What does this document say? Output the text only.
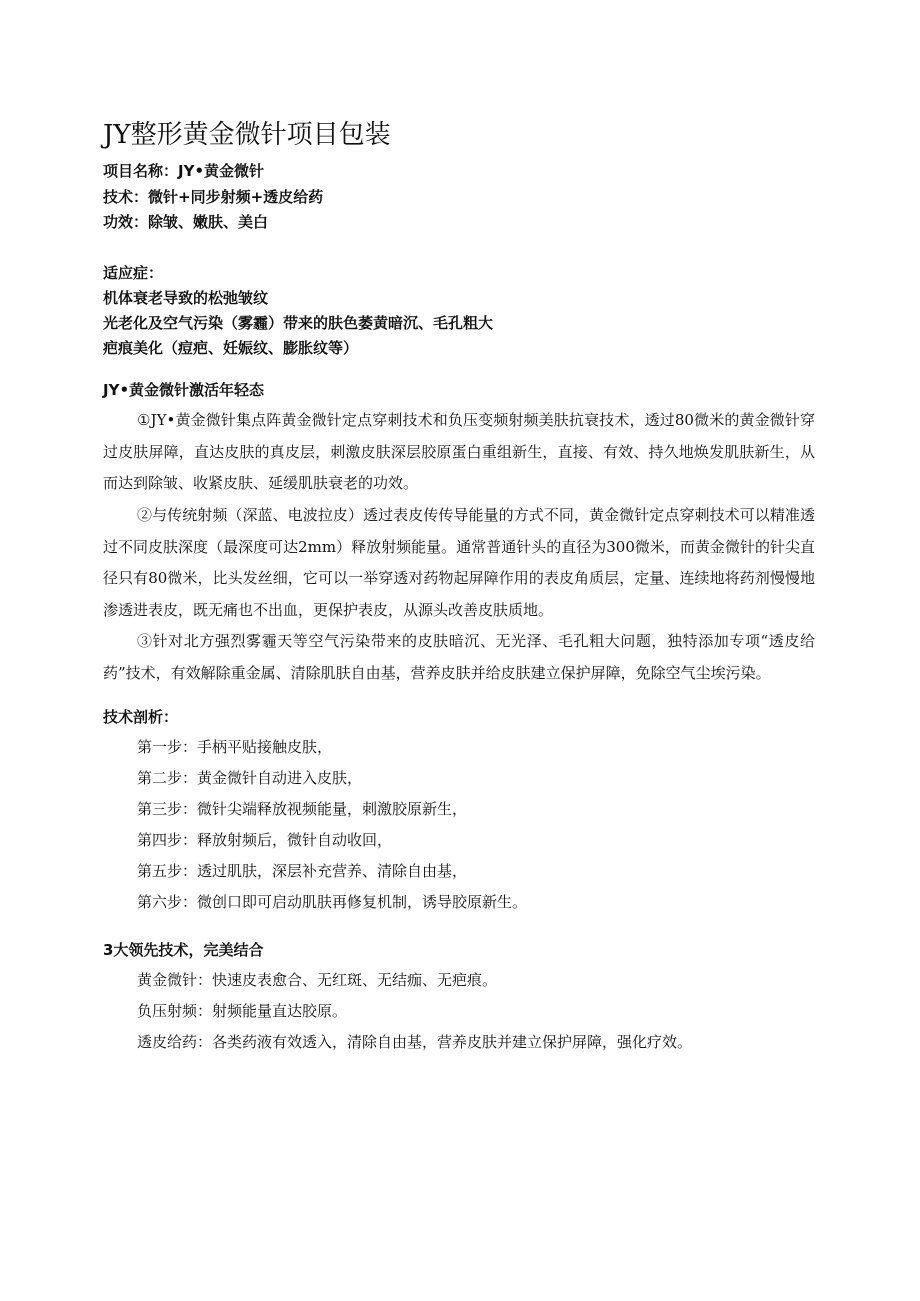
JY整形黄金微针项目包装
项目名称：JY•黄金微针
技术：微针+同步射频+透皮给药
功效：除皱、嫩肤、美白
适应症：
机体衰老导致的松弛皱纹
光老化及空气污染（雾霾）带来的肤色萎黄暗沉、毛孔粗大
疤痕美化（痘疤、妊娠纹、膨胀纹等）
JY•黄金微针激活年轻态

①JY•黄金微针集点阵黄金微针定点穿刺技术和负压变频射频美肤抗衰技术，透过80微米的黄金微针穿过皮肤屏障，直达皮肤的真皮层，刺激皮肤深层胶原蛋白重组新生，直接、有效、持久地焕发肌肤新生，从而达到除皱、收紧皮肤、延缓肌肤衰老的功效。

②与传统射频（深蓝、电波拉皮）透过表皮传传导能量的方式不同，黄金微针定点穿刺技术可以精准透过不同皮肤深度（最深度可达2mm）释放射频能量。通常普通针头的直径为300微米，而黄金微针的针尖直径只有80微米，比头发丝细，它可以一举穿透对药物起屏障作用的表皮角质层，定量、连续地将药剂慢慢地渗透进表皮，既无痛也不出血，更保护表皮，从源头改善皮肤质地。

③针对北方强烈雾霾天等空气污染带来的皮肤暗沉、无光泽、毛孔粗大问题，独特添加专项“透皮给药”技术，有效解除重金属、清除肌肤自由基，营养皮肤并给皮肤建立保护屏障，免除空气尘埃污染。

技术剖析：
第一步：手柄平贴接触皮肤，
第二步：黄金微针自动进入皮肤，
第三步：微针尖端释放视频能量，刺激胶原新生，
第四步：释放射频后，微针自动收回，
第五步：透过肌肤，深层补充营养、清除自由基，
第六步：微创口即可启动肌肤再修复机制，诱导胶原新生。
3大领先技术，完美结合
黄金微针：快速皮表愈合、无红斑、无结痂、无疤痕。
负压射频：射频能量直达胶原。
透皮给药：各类药液有效透入，清除自由基，营养皮肤并建立保护屏障，强化疗效。
